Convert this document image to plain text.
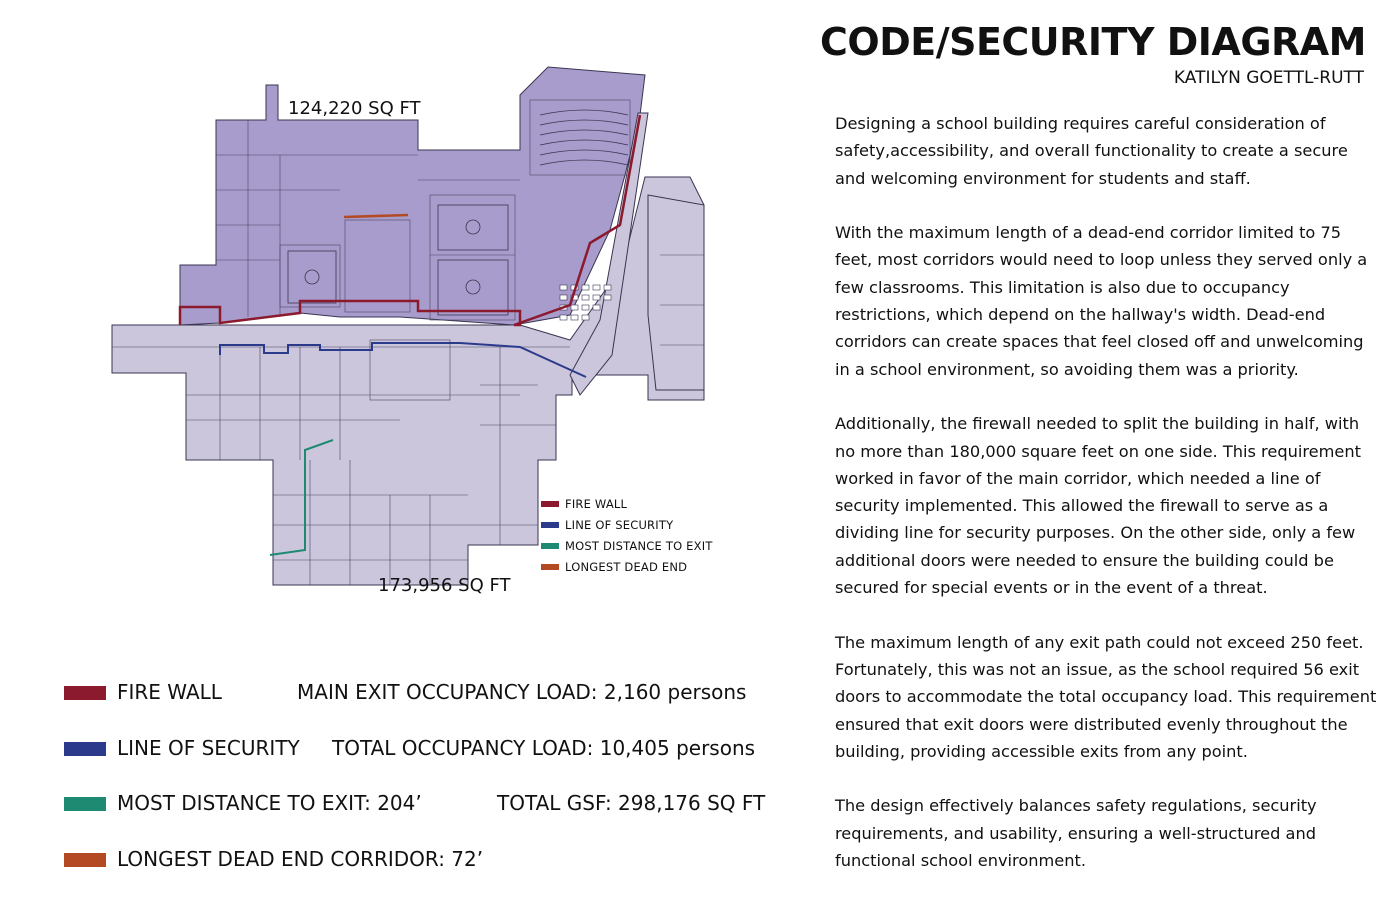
CODE/SECURITY DIAGRAM
KATILYN GOETTL-RUTT

Designing a school building requires careful consideration of safety,accessibility, and overall functionality to create a secure and welcoming environment for students and staff.

With the maximum length of a dead-end corridor limited to 75 feet, most corridors would need to loop unless they served only a few classrooms. This limitation is also due to occupancy restrictions, which depend on the hallway's width. Dead-end corridors can create spaces that feel closed off and unwelcoming in a school environment, so avoiding them was a priority.

Additionally, the firewall needed to split the building in half, with no more than 180,000 square feet on one side. This requirement worked in favor of the main corridor, which needed a line of security implemented. This allowed the firewall to serve as a dividing line for security purposes. On the other side, only a few additional doors were needed to ensure the building could be secured for special events or in the event of a threat.

The maximum length of any exit path could not exceed 250 feet. Fortunately, this was not an issue, as the school required 56 exit doors to accommodate the total occupancy load. This requirement ensured that exit doors were distributed evenly throughout the building, providing accessible exits from any point.

The design effectively balances safety regulations, security requirements, and usability, ensuring a well-structured and functional school environment.

124,220 SQ FT
173,956 SQ FT
FIRE WALL
LINE OF SECURITY
MOST DISTANCE TO EXIT
LONGEST DEAD END
FIRE WALL	MAIN EXIT OCCUPANCY LOAD: 2,160 persons
LINE OF SECURITY TOTAL OCCUPANCY LOAD: 10,405 persons
MOST DISTANCE TO EXIT: 204’	TOTAL GSF: 298,176 SQ FT
LONGEST DEAD END CORRIDOR: 72’
